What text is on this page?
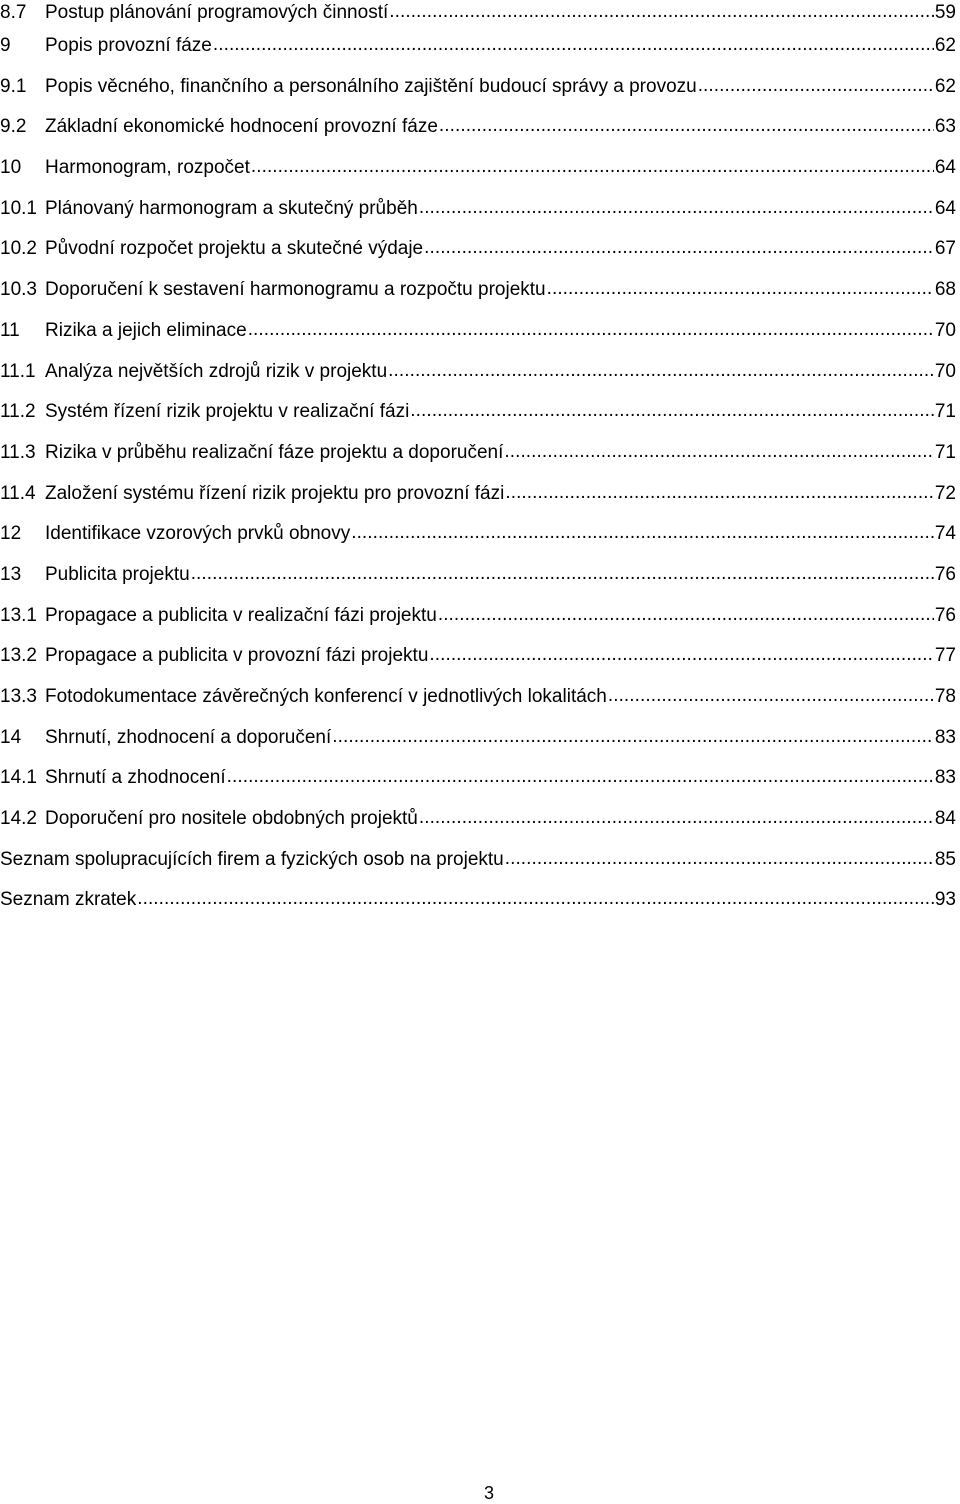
8.7 Postup plánování programových činností . . .	59
9	Popis provozní fáze . . .	62
9.1 Popis věcného, finančního a personálního zajištění budoucí správy a provozu . . .	62
9.2 Základní ekonomické hodnocení provozní fáze . . .	63
10	Harmonogram, rozpočet . . .	64
10.1 Plánovaný harmonogram a skutečný průběh . . .	64
10.2 Původní rozpočet projektu a skutečné výdaje . . .	67
10.3 Doporučení k sestavení harmonogramu a rozpočtu projektu . . .	68
11	Rizika a jejich eliminace . . .	70
11.1 Analýza největších zdrojů rizik v projektu . . .	70
11.2 Systém řízení rizik projektu v realizační fázi . . .	71
11.3 Rizika v průběhu realizační fáze projektu a doporučení . . .	71
11.4 Založení systému řízení rizik projektu pro provozní fázi . . .	72
12	Identifikace vzorových prvků obnovy . . .	74
13	Publicita projektu . . .	76
13.1 Propagace a publicita v realizační fázi projektu . . .	76
13.2 Propagace a publicita v provozní fázi projektu . . .	77
13.3 Fotodokumentace závěrečných konferencí v jednotlivých lokalitách . . .	78
14	Shrnutí, zhodnocení a doporučení . . .	83
14.1 Shrnutí a zhodnocení . . .	83
14.2 Doporučení pro nositele obdobných projektů . . .	84
Seznam spolupracujících firem a fyzických osob na projektu . . .	85
Seznam zkratek . . .	93
3
